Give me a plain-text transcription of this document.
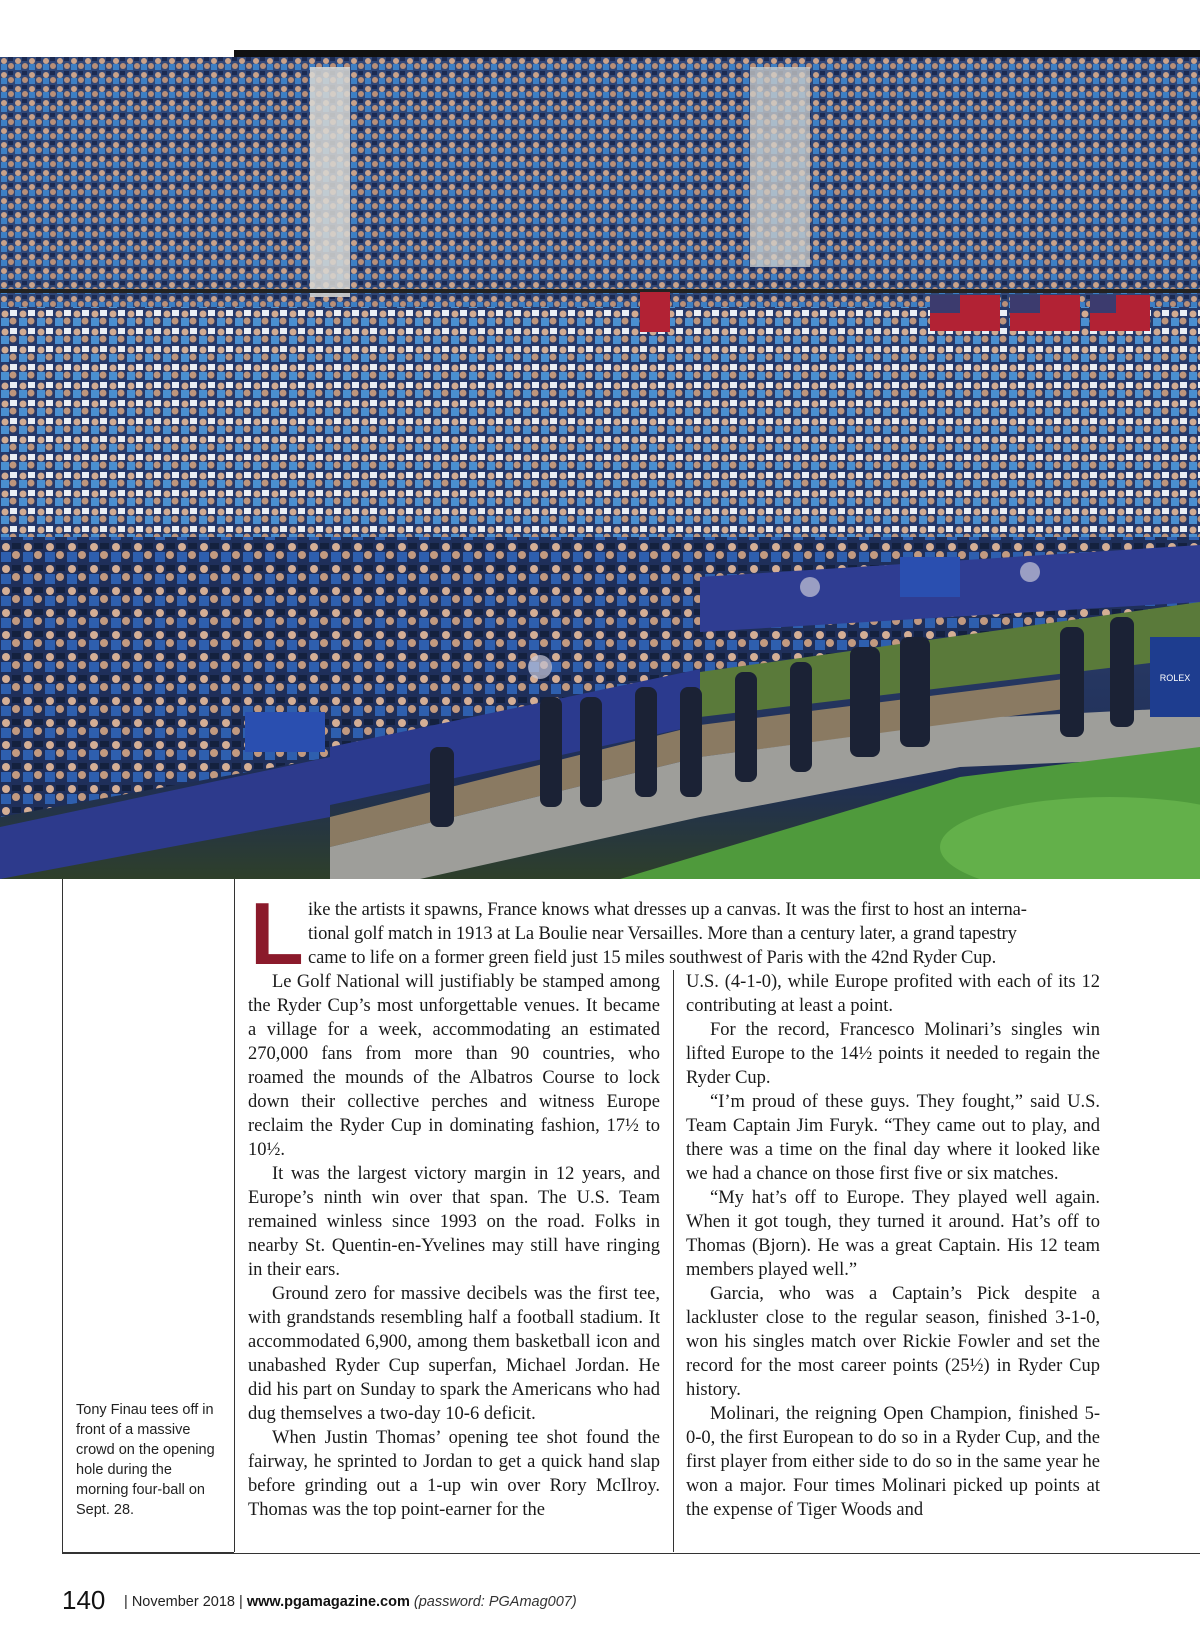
ROLEX
Tony Finau tees off in front of a massive crowd on the opening hole during the morning four-ball on Sept. 28.
L ike the artists it spawns, France knows what dresses up a canvas. It was the first to host an interna-
tional golf match in 1913 at La Boulie near Versailles. More than a century later, a grand tapestry
came to life on a former green field just 15 miles southwest of Paris with the 42nd Ryder Cup.

Le Golf National will justifiably be stamped among the Ryder Cup’s most unforgettable venues. It became a village for a week, accommodating an estimated 270,000 fans from more than 90 countries, who roamed the mounds of the Albatros Course to lock down their collective perches and witness Europe reclaim the Ryder Cup in dominating fashion, 17½ to 10½.

It was the largest victory margin in 12 years, and Europe’s ninth win over that span. The U.S. Team remained winless since 1993 on the road. Folks in nearby St. Quentin-en-Yvelines may still have ringing in their ears.

Ground zero for massive decibels was the first tee, with grandstands resembling half a football stadium. It accommodated 6,900, among them basketball icon and unabashed Ryder Cup superfan, Michael Jordan. He did his part on Sunday to spark the Americans who had dug themselves a two-day 10-6 deficit.

When Justin Thomas’ opening tee shot found the fairway, he sprinted to Jordan to get a quick hand slap before grinding out a 1-up win over Rory McIlroy. Thomas was the top point-earner for the

U.S. (4-1-0), while Europe profited with each of its 12 contributing at least a point.

For the record, Francesco Molinari’s singles win lifted Europe to the 14½ points it needed to regain the Ryder Cup.

“I’m proud of these guys. They fought,” said U.S. Team Captain Jim Furyk. “They came out to play, and there was a time on the final day where it looked like we had a chance on those first five or six matches.

“My hat’s off to Europe. They played well again. When it got tough, they turned it around. Hat’s off to Thomas (Bjorn). He was a great Captain. His 12 team members played well.”

Garcia, who was a Captain’s Pick despite a lackluster close to the regular season, finished 3-1-0, won his singles match over Rickie Fowler and set the record for the most career points (25½) in Ryder Cup history.

Molinari, the reigning Open Champion, finished 5-0-0, the first European to do so in a Ryder Cup, and the first player from either side to do so in the same year he won a major. Four times Molinari picked up points at the expense of Tiger Woods and

140 | November 2018 | www.pgamagazine.com (password: PGAmag007)
